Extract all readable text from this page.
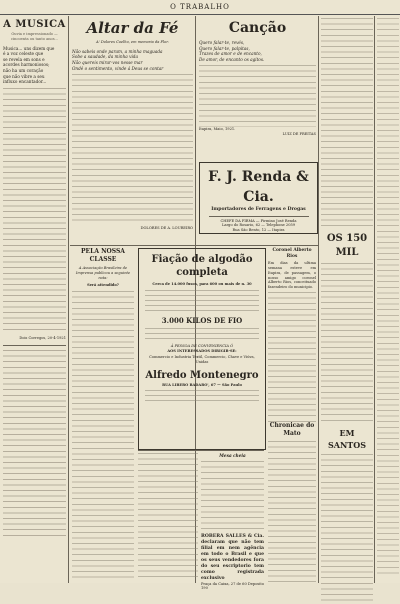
O TRABALHO
A MUSICA
Ouvia e impressionado — cincoenta ou tanto anos...
Musica... uns dizem que
é a voz celeste que
se revela em sons e
acordes harmoniosos;
não ha um coração
que não vibre a seu
influxo encantador...
Dois Corregos, 20-4-1921
Altar da Fé
A' Dolores Coelho, em memoria da Flor.
Não sabeis onde param, a minha maguada
Sobe a saudade, da minha vida
Não quereis mirar-vos nesse mar
Ondé o sentimento, vinde á Deus se contar
DOLORES DE A. LOUREIRO
Canção
Quero falar-te, revés,
Quero falar-te, palpitas,
Trazes de amor e de encanto,
De amor, de encanto os agitos.
Itapira, Maio, 1921.
LUIZ DE FREITAS
F. J. Renda & Cia.
Importadores de Ferragens e Drogas
CHEFE DA FIRMA — Firmino José Renda
Largo do Rosario, 62 — Telephone 2059
Rua São Bento, 12 — Itapira
PELA NOSSA CLASSE
A Associação Brasileira de Imprensa publicou a seguinte nota:
Será attendido?
Fiação de algodão completa
Cerca de 14.000 fusos, para 600 ou mais de n. 30
3.000 KILOS DE FIO
Á PESSOA DE CONVENIENCIA Ó
AOS INTERESSADOS DIRIGIR-SE:
Commercio e Industria Textil, Commercio, Chave e Viúva, Unidas
Alfredo Montenegro
RUA LIBERO BADARO', 67 — São Paulo
Coronel Alberto Rios
Em dias da ultima semana esteve em Itapira, de passagem, o nosso amigo coronel Alberto Rios, conceituado fazendeiro do municipio.
Mesa cheia
ROBERA SALLES & Cia. declaram que não tem filial em nem agência em todo o Brasil e que os seus vendedores fora do seu escriptorio tem como registrada exclusivo
Praça da Caixa, 27 de 60 Deposito 190
Chronicae do Mato
OS 150 MIL
EM SANTOS
